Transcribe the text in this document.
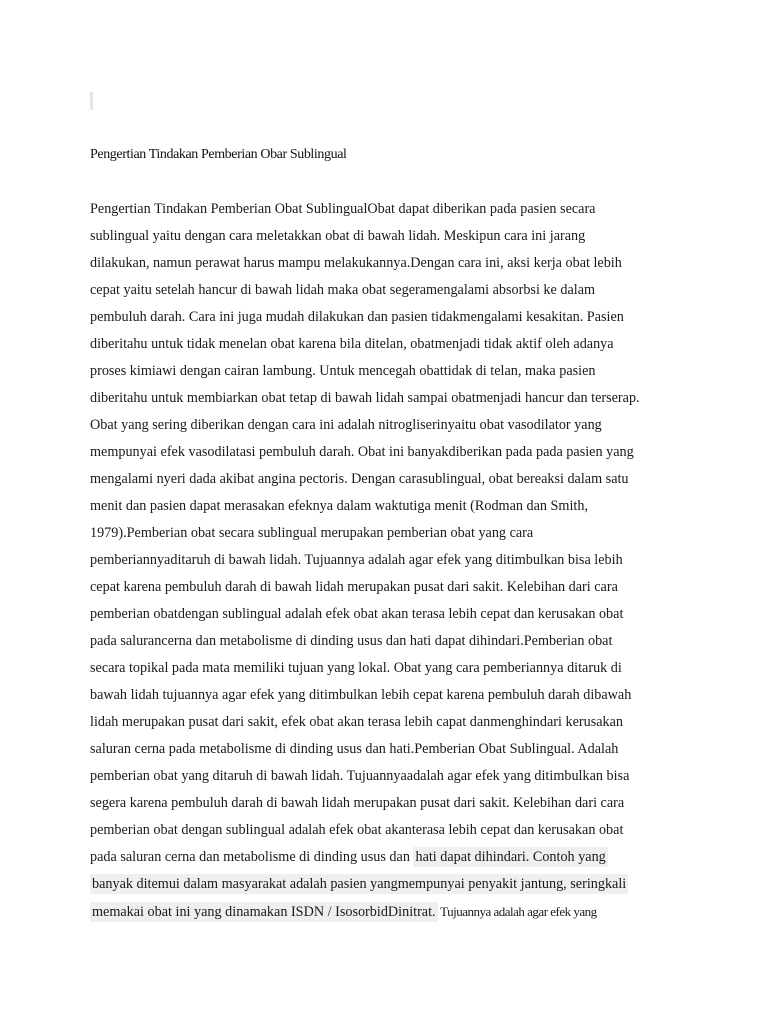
Pengertian Tindakan Pemberian Obar Sublingual
Pengertian Tindakan Pemberian Obat SublingualObat dapat diberikan pada pasien secara
sublingual yaitu dengan cara meletakkan obat di bawah lidah. Meskipun cara ini jarang
dilakukan, namun perawat harus mampu melakukannya.Dengan cara ini, aksi kerja obat lebih
cepat yaitu setelah hancur di bawah lidah maka obat segeramengalami absorbsi ke dalam
pembuluh darah. Cara ini juga mudah dilakukan dan pasien tidakmengalami kesakitan. Pasien
diberitahu untuk tidak menelan obat karena bila ditelan, obatmenjadi tidak aktif oleh adanya
proses kimiawi dengan cairan lambung. Untuk mencegah obattidak di telan, maka pasien
diberitahu untuk membiarkan obat tetap di bawah lidah sampai obatmenjadi hancur dan terserap.
Obat yang sering diberikan dengan cara ini adalah nitrogliserinyaitu obat vasodilator yang
mempunyai efek vasodilatasi pembuluh darah. Obat ini banyakdiberikan pada pada pasien yang
mengalami nyeri dada akibat angina pectoris. Dengan carasublingual, obat bereaksi dalam satu
menit dan pasien dapat merasakan efeknya dalam waktutiga menit (Rodman dan Smith,
1979).Pemberian obat secara sublingual merupakan pemberian obat yang cara
pemberiannyaditaruh di bawah lidah. Tujuannya adalah agar efek yang ditimbulkan bisa lebih
cepat karena pembuluh darah di bawah lidah merupakan pusat dari sakit. Kelebihan dari cara
pemberian obatdengan sublingual adalah efek obat akan terasa lebih cepat dan kerusakan obat
pada salurancerna dan metabolisme di dinding usus dan hati dapat dihindari.Pemberian obat
secara topikal pada mata memiliki tujuan yang lokal. Obat yang cara pemberiannya ditaruk di
bawah lidah tujuannya agar efek yang ditimbulkan lebih cepat karena pembuluh darah dibawah
lidah merupakan pusat dari sakit, efek obat akan terasa lebih capat danmenghindari kerusakan
saluran cerna pada metabolisme di dinding usus dan hati.Pemberian Obat Sublingual. Adalah
pemberian obat yang ditaruh di bawah lidah. Tujuannyaadalah agar efek yang ditimbulkan bisa
segera karena pembuluh darah di bawah lidah merupakan pusat dari sakit. Kelebihan dari cara
pemberian obat dengan sublingual adalah efek obat akanterasa lebih cepat dan kerusakan obat
pada saluran cerna dan metabolisme di dinding usus dan hati dapat dihindari. Contoh yang
banyak ditemui dalam masyarakat adalah pasien yangmempunyai penyakit jantung, seringkali
memakai obat ini yang dinamakan ISDN / IsosorbidDinitrat. Tujuannya adalah agar efek yang
